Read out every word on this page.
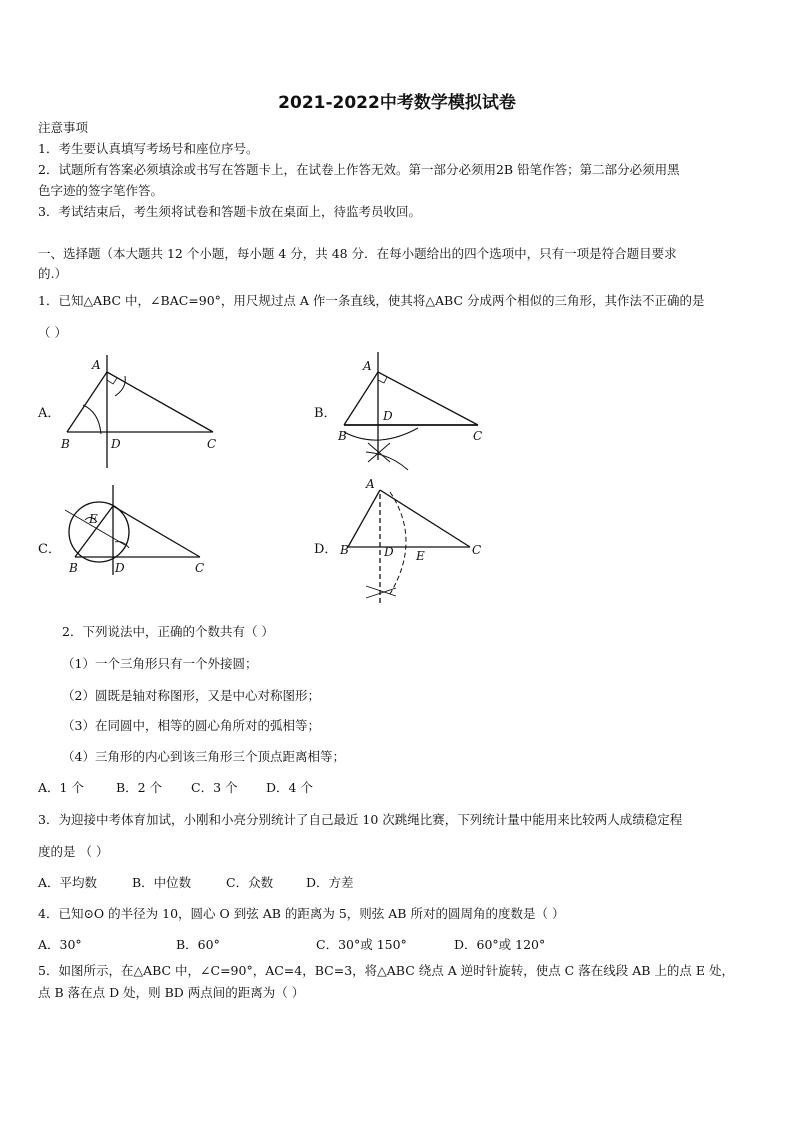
2021-2022中考数学模拟试卷
注意事项
1．考生要认真填写考场号和座位序号。
2．试题所有答案必须填涂或书写在答题卡上，在试卷上作答无效。第一部分必须用2B 铅笔作答；第二部分必须用黑
色字迹的签字笔作答。
3．考试结束后，考生须将试卷和答题卡放在桌面上，待监考员收回。
一、选择题（本大题共 12 个小题，每小题 4 分，共 48 分．在每小题给出的四个选项中，只有一项是符合题目要求
的.）
1．已知△ABC 中，∠BAC=90°，用尺规过点 A 作一条直线，使其将△ABC 分成两个相似的三角形，其作法不正确的是
（ ）
A．
A
B	D	C
B．
A
D
B	C
C．
E
B	D	C
D．
A
B	D E	C
2．下列说法中，正确的个数共有（ ）
（1）一个三角形只有一个外接圆；
（2）圆既是轴对称图形，又是中心对称图形；
（3）在同圆中，相等的圆心角所对的弧相等；
（4）三角形的内心到该三角形三个顶点距离相等；
A．1 个	B．2 个 C．3 个 D．4 个
3．为迎接中考体育加试，小刚和小亮分别统计了自己最近 10 次跳绳比赛，下列统计量中能用来比较两人成绩稳定程
度的是 （ ）
A．平均数	B．中位数	C．众数	D．方差
4．已知⊙O 的半径为 10，圆心 O 到弦 AB 的距离为 5，则弦 AB 所对的圆周角的度数是（ ）
A．30°	B．60°	C．30°或 150°	D．60°或 120°
5．如图所示，在△ABC 中，∠C=90°，AC=4，BC=3，将△ABC 绕点 A 逆时针旋转，使点 C 落在线段 AB 上的点 E 处，
点 B 落在点 D 处，则 BD 两点间的距离为（ ）
